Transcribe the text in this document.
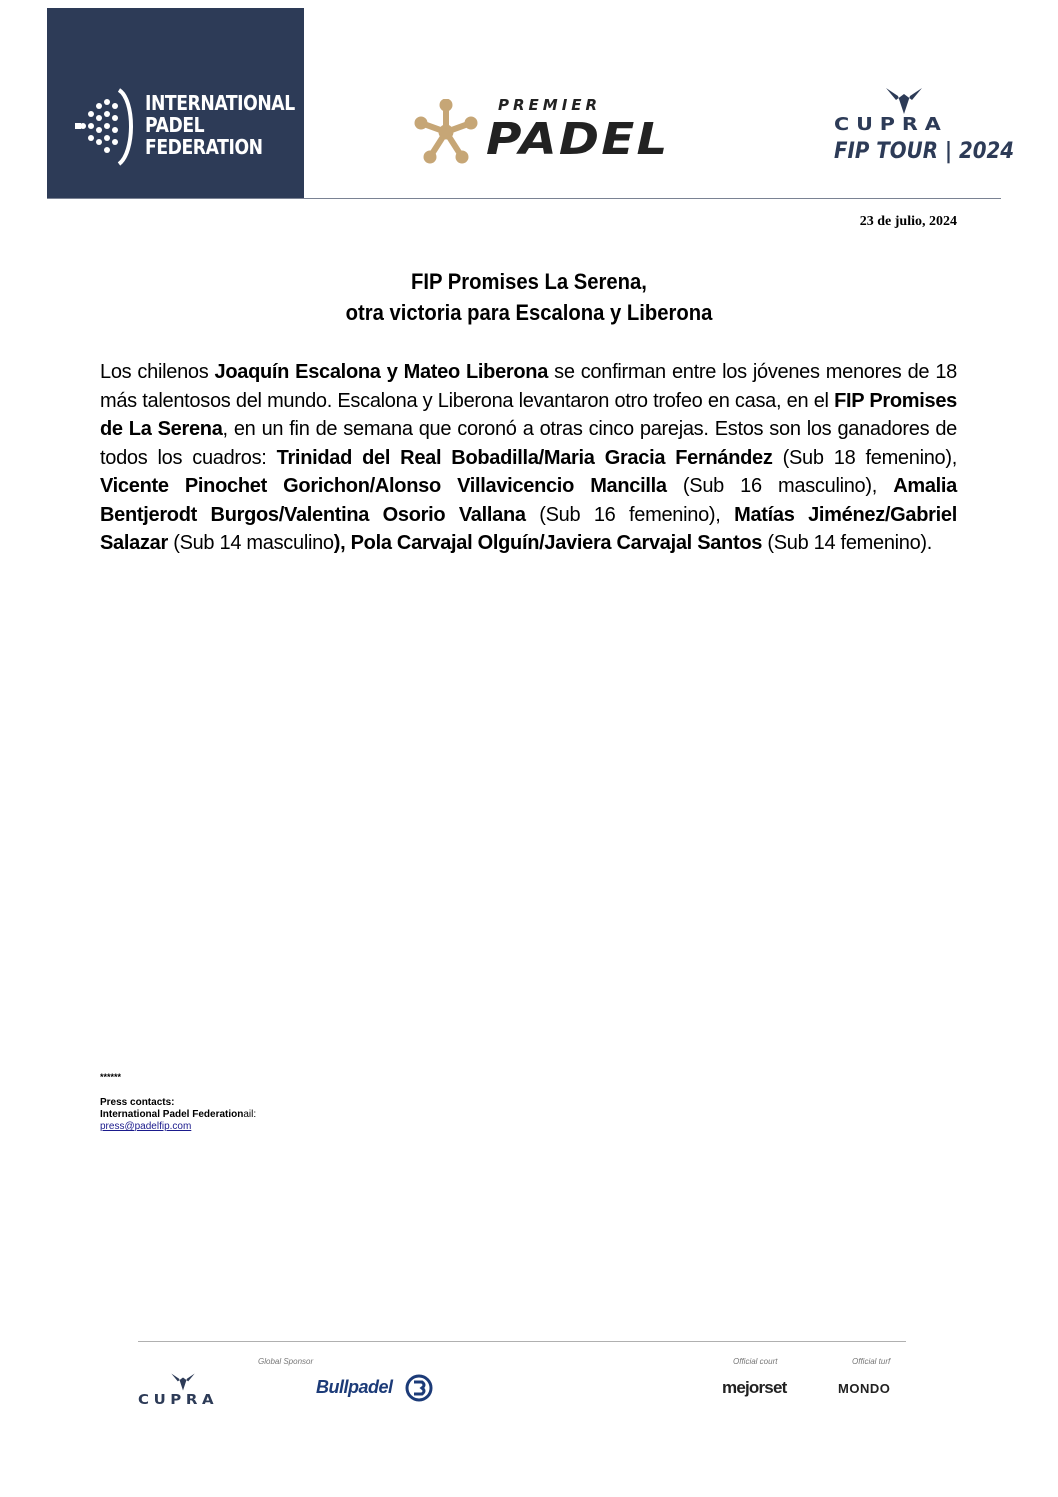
INTERNATIONAL
PADEL
FEDERATION
PREMIER
PADEL	CUPRA
FIP TOUR | 2024
23 de julio, 2024
FIP Promises La Serena,
otra victoria para Escalona y Liberona
Los chilenos Joaquín Escalona y Mateo Liberona se confirman entre los jóvenes menores de 18 más talentosos del mundo. Escalona y Liberona levantaron otro trofeo en casa, en el FIP Promises de La Serena, en un fin de semana que coronó a otras cinco parejas. Estos son los ganadores de todos los cuadros: Trinidad del Real Bobadilla/Maria Gracia Fernández (Sub 18 femenino), Vicente Pinochet Gorichon/Alonso Villavicencio Mancilla (Sub 16 masculino), Amalia Bentjerodt Burgos/Valentina Osorio Vallana (Sub 16 femenino), Matías Jiménez/Gabriel Salazar (Sub 14 masculino), Pola Carvajal Olguín/Javiera Carvajal Santos (Sub 14 femenino).
******
Press contacts:
International Padel Federationail:
press@padelfip.com
CUPRA
Global Sponsor
Bullpadel
Official court
mejorset
Official turf
MONDO
